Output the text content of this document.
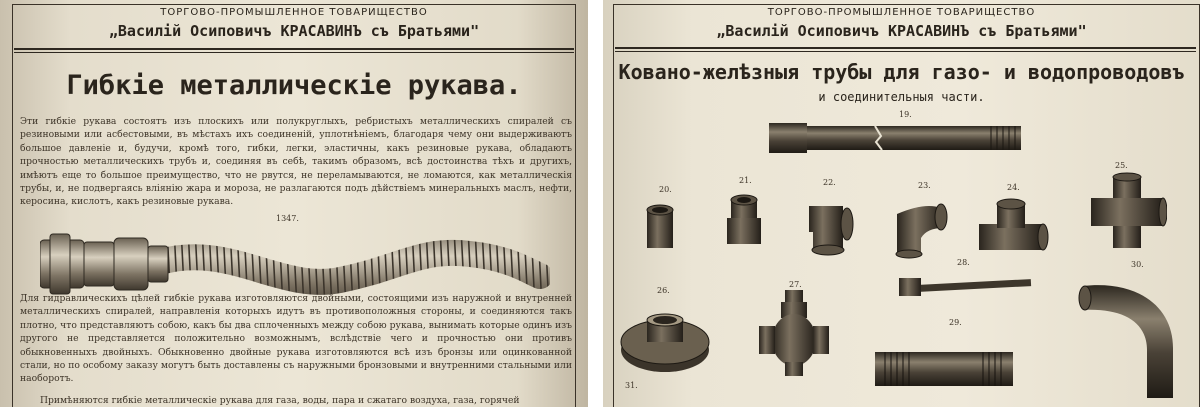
ТОРГОВО-ПРОМЫШЛЕННОЕ ТОВАРИЩЕСТВО
„Василій Осиповичъ КРАСАВИНЪ съ Братьями"
Гибкіе металлическіе рукава.
Эти гибкіе рукава состоятъ изъ плоскихъ или полукруглыхъ, ребристыхъ металлическихъ спиралей съ резиновыми или асбестовыми, въ мѣстахъ ихъ соединеній, уплотнѣніемъ, благодаря чему они выдерживаютъ большое давленіе и, будучи, кромѣ того, гибки, легки, эластичны, какъ резиновые рукава, обладаютъ прочностью металлическихъ трубъ и, соединяя въ себѣ, такимъ образомъ, всѣ достоинства тѣхъ и другихъ, имѣютъ еще то большое преимущество, что не рвутся, не переламываются, не ломаются, как металлическія трубы, и, не подвергаясь вліянію жара и мороза, не разлагаются подъ дѣйствіемъ минеральныхъ маслъ, нефти, керосина, кислотъ, какъ резиновые рукава.
1347.
Для гидравлическихъ цѣлей гибкіе рукава изготовляются двойными, состоящими изъ наружной и внутренней металлическихъ спиралей, направленія которыхъ идутъ въ противоположныя стороны, и соединяются такъ плотно, что представляютъ собою, какъ бы два сплоченныхъ между собою рукава, вынимать которые одинъ изъ другого не представляется положительно возможнымъ, вслѣдствіе чего и прочностью они противъ обыкновенныхъ двойныхъ. Обыкновенно двойные рукава изготовляются всѣ изъ бронзы или оцинкованной стали, но по особому заказу могутъ быть доставлены съ наружными бронзовыми и внутренними стальными или наоборотъ.
Примѣняются гибкіе металлическіе рукава для газа, воды, пара и сжатаго воздуха, газа, горячей
ТОРГОВО-ПРОМЫШЛЕННОЕ ТОВАРИЩЕСТВО
„Василій Осиповичъ КРАСАВИНЪ съ Братьями"
Ковано-желѣзныя трубы для газо- и водопроводовъ
и соединительныя части.
19.
20.
21.	22.	23.	24.
25.
26.
27.
28.
29.
30.
31.
